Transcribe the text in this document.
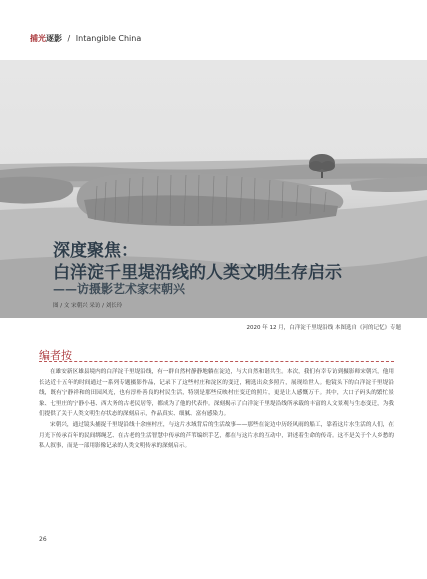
捕光逐影 / Intangible China
深度聚焦：
白洋淀千里堤沿线的人类文明生存启示
——访摄影艺术家宋朝兴
图 / 文 宋朝兴 采访 / 刘长玲
2020 年 12 月，白洋淀千里堤沿线 本图选自《河的记忆》专题
编者按

在雄安新区雄县境内的白洋淀千里堤沿线，有一群自然村静静地躺在淀边，与大自然和谐共生。本次，我们有幸专访到摄影师宋朝兴，他用长达近十五年的时间通过一系列专题摄影作品，记录下了这些村庄和淀区的变迁，精选出众多照片，展现给世人。他镜头下的白洋淀千里堤沿线，既有宁静祥和的田园风光，也有淳朴善良的村民生活，特别是那些反映村庄变迁的照片，更是让人感慨万千。其中，大口子码头的繁忙景象、七里庄的宁静小巷、西大务的古老民居等，都成为了他的代表作。深刻揭示了白洋淀千里堤沿线所承载的丰富的人文景观与生态变迁，为我们提供了关于人类文明生存状态的深刻启示，作品真实、细腻、富有感染力。

宋朝兴，通过镜头捕捉千里堤沿线十余座村庄，与这片水域背后的生活故事——那些在淀边中历经风雨的船工，靠着这片水生活的人们，在月光下传承百年的民间绑绳艺、在古老的生活智慧中传承的芦苇编织手艺，都在与这片水的互动中，讲述着生命的传奇。这不是关于个人乡愁的私人叙事，而是一部用影像记录的人类文明传承的深刻启示。

26
